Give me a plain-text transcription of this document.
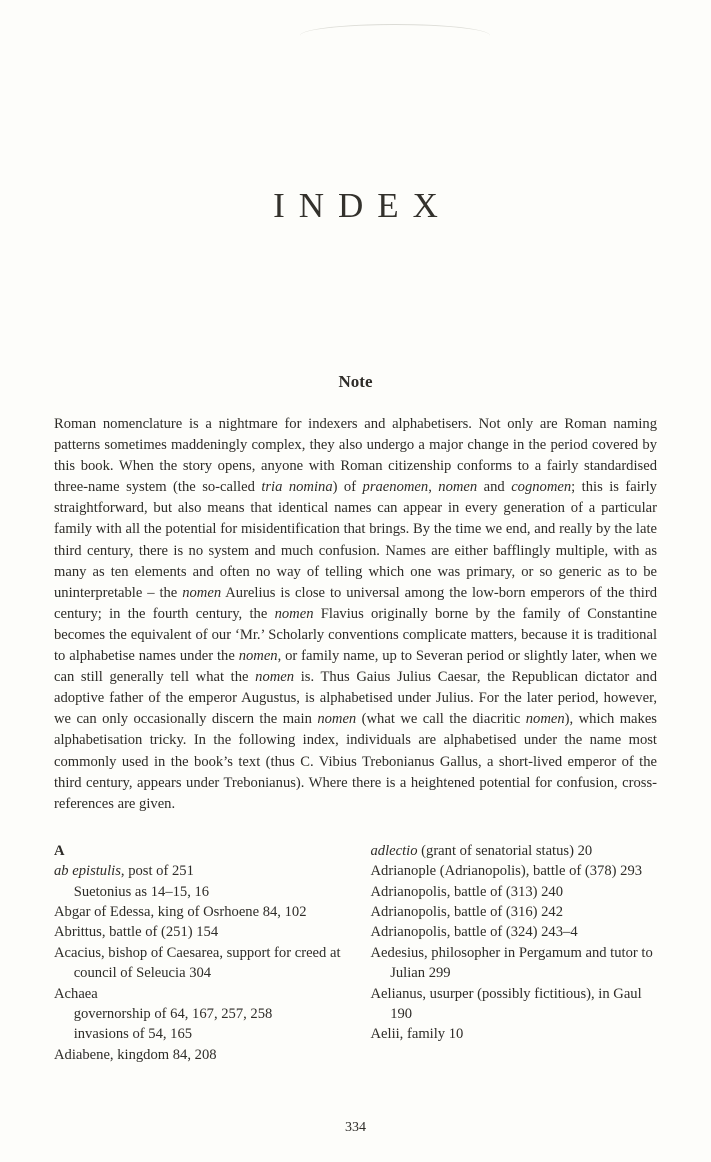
INDEX
Note

Roman nomenclature is a nightmare for indexers and alphabetisers. Not only are Roman naming patterns sometimes maddeningly complex, they also undergo a major change in the period covered by this book. When the story opens, anyone with Roman citizenship conforms to a fairly standardised three-name system (the so-called tria nomina) of praenomen, nomen and cognomen; this is fairly straightforward, but also means that identical names can appear in every generation of a particular family with all the potential for misidentification that brings. By the time we end, and really by the late third century, there is no system and much confusion. Names are either bafflingly multiple, with as many as ten elements and often no way of telling which one was primary, or so generic as to be uninterpretable – the nomen Aurelius is close to universal among the low-born emperors of the third century; in the fourth century, the nomen Flavius originally borne by the family of Constantine becomes the equivalent of our ‘Mr.’ Scholarly conventions complicate matters, because it is traditional to alphabetise names under the nomen, or family name, up to Severan period or slightly later, when we can still generally tell what the nomen is. Thus Gaius Julius Caesar, the Republican dictator and adoptive father of the emperor Augustus, is alphabetised under Julius. For the later period, however, we can only occasionally discern the main nomen (what we call the diacritic nomen), which makes alphabetisation tricky. In the following index, individuals are alphabetised under the name most commonly used in the book’s text (thus C. Vibius Trebonianus Gallus, a short-lived emperor of the third century, appears under Trebonianus). Where there is a heightened potential for confusion, cross-references are given.

A
ab epistulis, post of 251
Suetonius as 14–15, 16
Abgar of Edessa, king of Osrhoene 84, 102
Abrittus, battle of (251) 154
Acacius, bishop of Caesarea, support for creed at council of Seleucia 304
Achaea
governorship of 64, 167, 257, 258
invasions of 54, 165
Adiabene, kingdom 84, 208
adlectio (grant of senatorial status) 20
Adrianople (Adrianopolis), battle of (378) 293
Adrianopolis, battle of (313) 240
Adrianopolis, battle of (316) 242
Adrianopolis, battle of (324) 243–4
Aedesius, philosopher in Pergamum and tutor to Julian 299
Aelianus, usurper (possibly fictitious), in Gaul 190
Aelii, family 10
334
